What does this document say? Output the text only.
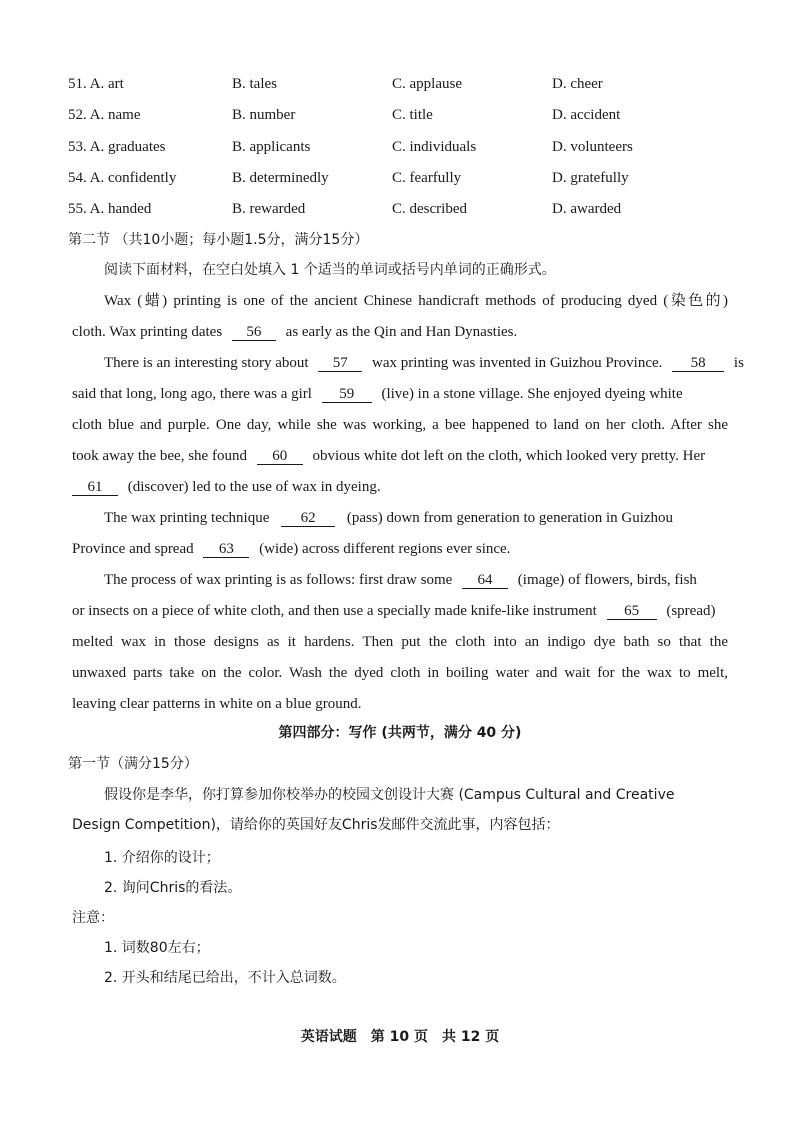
51. A. art	B. tales	C. applause	D. cheer
52. A. name	B. number	C. title	D. accident
53. A. graduates	B. applicants	C. individuals	D. volunteers
54. A. confidently	B. determinedly	C. fearfully	D. gratefully
55. A. handed	B. rewarded	C. described	D. awarded
第二节 （共10小题；每小题1.5分，满分15分）
阅读下面材料，在空白处填入 1 个适当的单词或括号内单词的正确形式。
Wax (蜡) printing is one of the ancient Chinese handicraft methods of producing dyed (染色的)
cloth. Wax printing dates 56 as early as the Qin and Han Dynasties.
There is an interesting story about 57 wax printing was invented in Guizhou Province. 58 is
said that long, long ago, there was a girl 59 (live) in a stone village. She enjoyed dyeing white
cloth blue and purple. One day, while she was working, a bee happened to land on her cloth. After she
took away the bee, she found 60 obvious white dot left on the cloth, which looked very pretty. Her
61 (discover) led to the use of wax in dyeing.
The wax printing technique 62 (pass) down from generation to generation in Guizhou
Province and spread 63 (wide) across different regions ever since.
The process of wax printing is as follows: first draw some 64 (image) of flowers, birds, fish
or insects on a piece of white cloth, and then use a specially made knife-like instrument 65 (spread)
melted wax in those designs as it hardens. Then put the cloth into an indigo dye bath so that the
unwaxed parts take on the color. Wash the dyed cloth in boiling water and wait for the wax to melt,
leaving clear patterns in white on a blue ground.
第四部分：写作 (共两节，满分 40 分)
第一节（满分15分）
假设你是李华，你打算参加你校举办的校园文创设计大赛 (Campus Cultural and Creative
Design Competition)，请给你的英国好友Chris发邮件交流此事，内容包括：
1. 介绍你的设计；
2. 询问Chris的看法。
注意：
1. 词数80左右；
2. 开头和结尾已给出，不计入总词数。
英语试题　第 10 页　共 12 页
